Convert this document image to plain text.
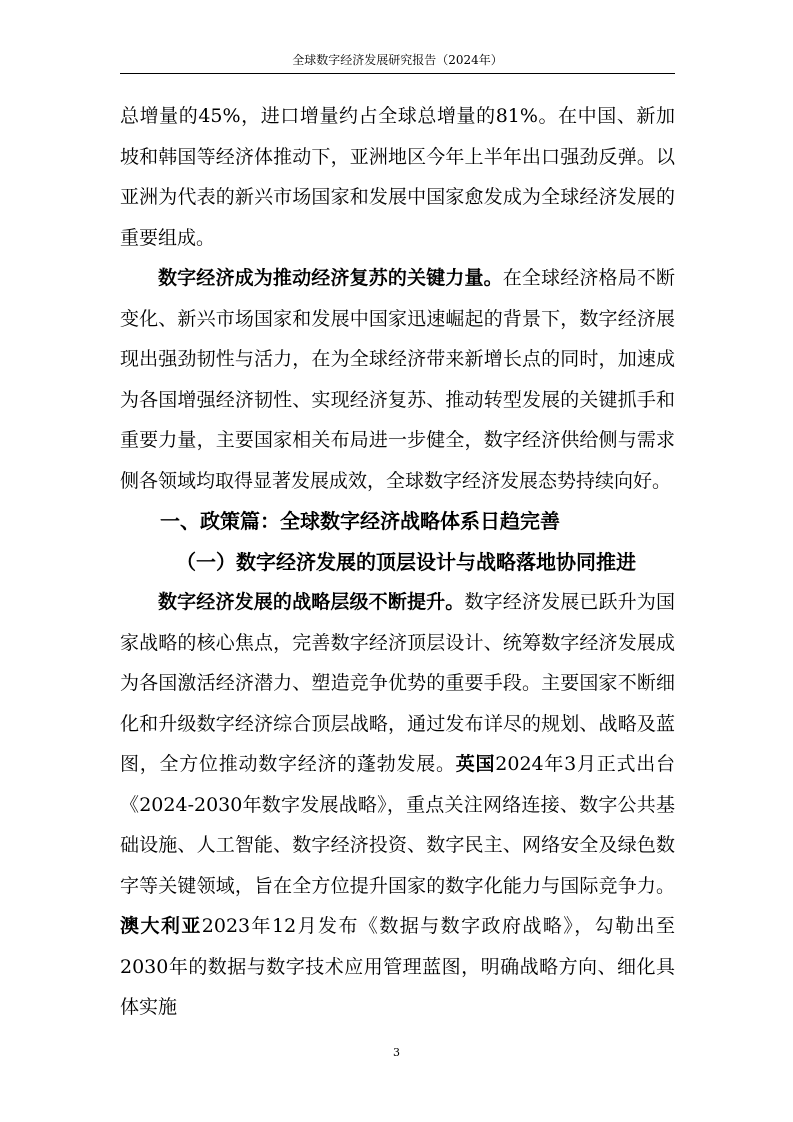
全球数字经济发展研究报告（2024年）

总增量的45%，进口增量约占全球总增量的81%。在中国、新加坡和韩国等经济体推动下，亚洲地区今年上半年出口强劲反弹。以亚洲为代表的新兴市场国家和发展中国家愈发成为全球经济发展的重要组成。

数字经济成为推动经济复苏的关键力量。在全球经济格局不断变化、新兴市场国家和发展中国家迅速崛起的背景下，数字经济展现出强劲韧性与活力，在为全球经济带来新增长点的同时，加速成为各国增强经济韧性、实现经济复苏、推动转型发展的关键抓手和重要力量，主要国家相关布局进一步健全，数字经济供给侧与需求侧各领域均取得显著发展成效，全球数字经济发展态势持续向好。

一、政策篇：全球数字经济战略体系日趋完善
（一）数字经济发展的顶层设计与战略落地协同推进

数字经济发展的战略层级不断提升。数字经济发展已跃升为国家战略的核心焦点，完善数字经济顶层设计、统筹数字经济发展成为各国激活经济潜力、塑造竞争优势的重要手段。主要国家不断细化和升级数字经济综合顶层战略，通过发布详尽的规划、战略及蓝图，全方位推动数字经济的蓬勃发展。英国2024年3月正式出台《2024-2030年数字发展战略》，重点关注网络连接、数字公共基础设施、人工智能、数字经济投资、数字民主、网络安全及绿色数字等关键领域，旨在全方位提升国家的数字化能力与国际竞争力。澳大利亚2023年12月发布《数据与数字政府战略》，勾勒出至2030年的数据与数字技术应用管理蓝图，明确战略方向、细化具体实施

3
